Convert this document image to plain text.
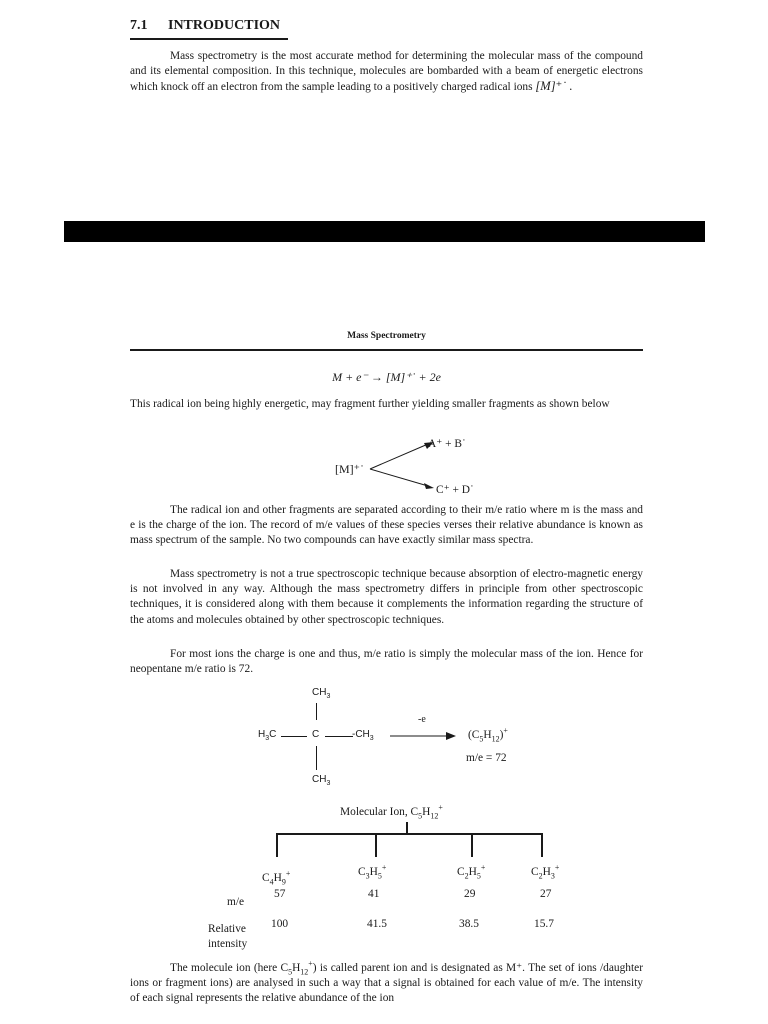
7.1 INTRODUCTION
Mass spectrometry is the most accurate method for determining the molecular mass of the compound and its elemental composition. In this technique, molecules are bombarded with a beam of energetic electrons which knock off an electron from the sample leading to a positively charged radical ions [M]⁺˙ .
Mass Spectrometry
M + e⁻ → [M]⁺˙ + 2e
This radical ion being highly energetic, may fragment further yielding smaller fragments as shown below
[M]⁺˙
A⁺ + B˙
C⁺ + D˙
The radical ion and other fragments are separated according to their m/e ratio where m is the mass and e is the charge of the ion. The record of m/e values of these species verses their relative abundance is known as mass spectrum of the sample. No two compounds can have exactly similar mass spectra.
Mass spectrometry is not a true spectroscopic technique because absorption of electro-magnetic energy is not involved in any way. Although the mass spectrometry differs in principle from other spectroscopic techniques, it is considered along with them because it complements the information regarding the structure of the atoms and molecules obtained by other spectroscopic techniques.
For most ions the charge is one and thus, m/e ratio is simply the molecular mass of the ion. Hence for neopentane m/e ratio is 72.
$CH_3$
$H_3C$	C	$-CH_3$
$CH_3$
-e
$(C_5H_{12})^+$
m/e = 72
Molecular Ion, $C_5H_{12}^+$
$C_4H_9^+$	$C_3H_5^+$	$C_2H_5^+$	$C_2H_3^+$
m/e
57	41	29	27
Relative
intensity
100	41.5	38.5	15.7
The molecule ion (here $C_5H_{12}^+$) is called parent ion and is designated as M⁺. The set of ions /daughter ions or fragment ions) are analysed in such a way that a signal is obtained for each value of m/e. The intensity of each signal represents the relative abundance of the ion
